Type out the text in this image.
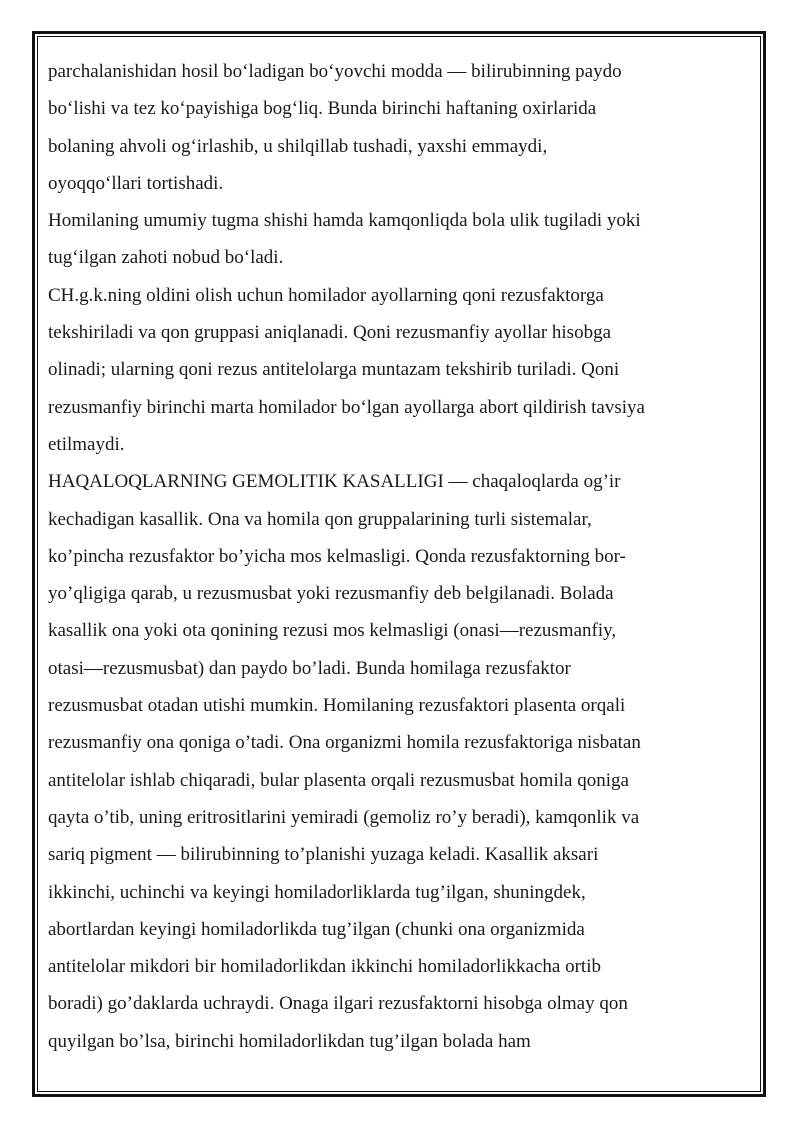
parchalanishidan hosil boʻladigan boʻyovchi modda — bilirubinning paydo
boʻlishi va tez koʻpayishiga bogʻliq. Bunda birinchi haftaning oxirlarida
bolaning ahvoli ogʻirlashib, u shilqillab tushadi, yaxshi emmaydi,
oyoqqoʻllari tortishadi.
Homilaning umumiy tugma shishi hamda kamqonliqda bola ulik tugiladi yoki
tugʻilgan zahoti nobud boʻladi.
CH.g.k.ning oldini olish uchun homilador ayollarning qoni rezusfaktorga
tekshiriladi va qon gruppasi aniqlanadi. Qoni rezusmanfiy ayollar hisobga
olinadi; ularning qoni rezus antitelolarga muntazam tekshirib turiladi. Qoni
rezusmanfiy birinchi marta homilador boʻlgan ayollarga abort qildirish tavsiya
etilmaydi.
HAQALOQLARNING GEMOLITIK KASALLIGI — chaqaloqlarda og’ir
kechadigan kasallik. Ona va homila qon gruppalarining turli sistemalar,
ko’pincha rezusfaktor bo’yicha mos kelmasligi. Qonda rezusfaktorning bor-
yo’qligiga qarab, u rezusmusbat yoki rezusmanfiy deb belgilanadi. Bolada
kasallik ona yoki ota qonining rezusi mos kelmasligi (onasi—rezusmanfiy,
otasi—rezusmusbat) dan paydo bo’ladi. Bunda homilaga rezusfaktor
rezusmusbat otadan utishi mumkin. Homilaning rezusfaktori plasenta orqali
rezusmanfiy ona qoniga o’tadi. Ona organizmi homila rezusfaktoriga nisbatan
antitelolar ishlab chiqaradi, bular plasenta orqali rezusmusbat homila qoniga
qayta o’tib, uning eritrositlarini yemiradi (gemoliz ro’y beradi), kamqonlik va
sariq pigment — bilirubinning to’planishi yuzaga keladi. Kasallik aksari
ikkinchi, uchinchi va keyingi homiladorliklarda tug’ilgan, shuningdek,
abortlardan keyingi homiladorlikda tug’ilgan (chunki ona organizmida
antitelolar mikdori bir homiladorlikdan ikkinchi homiladorlikkacha ortib
boradi) go’daklarda uchraydi. Onaga ilgari rezusfaktorni hisobga olmay qon
quyilgan bo’lsa, birinchi homiladorlikdan tug’ilgan bolada ham
